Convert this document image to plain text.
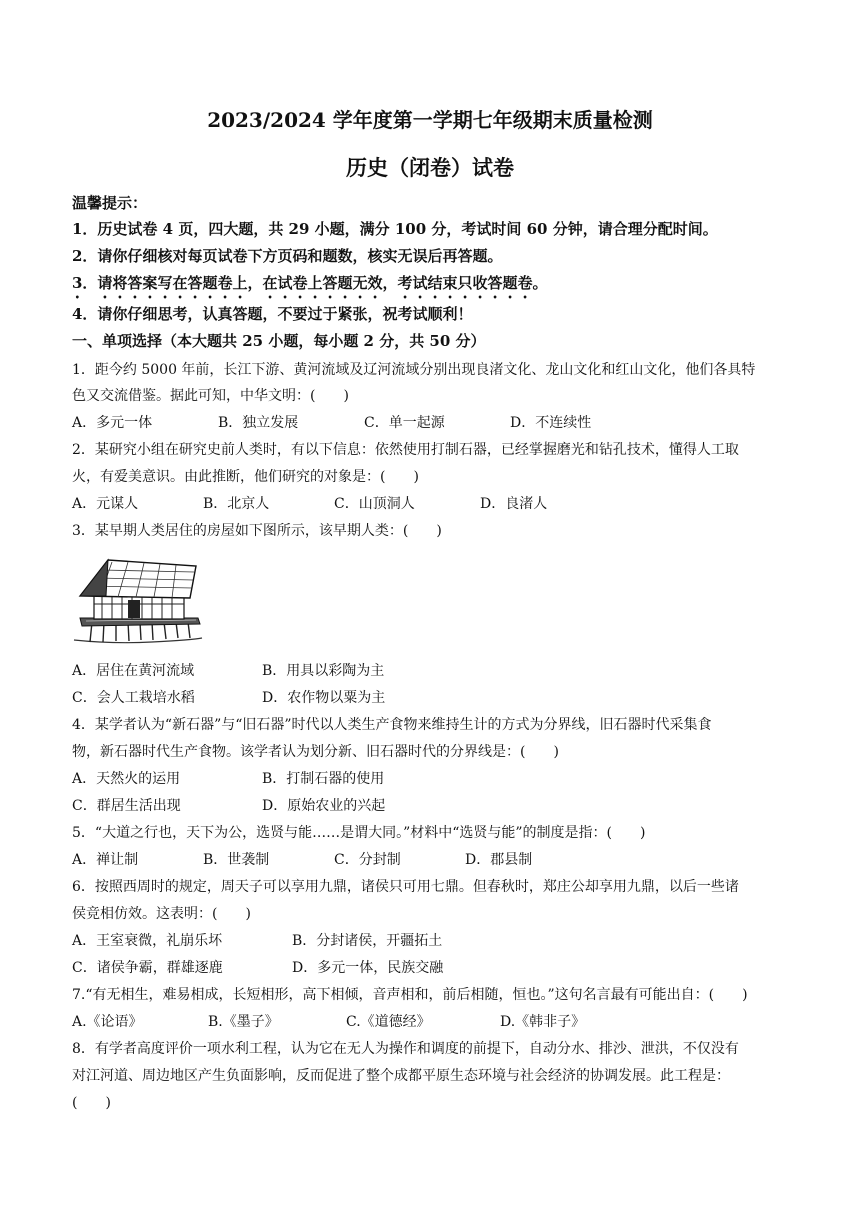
2023/2024 学年度第一学期七年级期末质量检测
历史（闭卷）试卷
温馨提示：
1．历史试卷 4 页，四大题，共 29 小题，满分 100 分，考试时间 60 分钟，请合理分配时间。
2．请你仔细核对每页试卷下方页码和题数，核实无误后再答题。
3．请将答案写在答题卷上，在试卷上答题无效，考试结束只收答题卷。
4．请你仔细思考，认真答题，不要过于紧张，祝考试顺利！
一、单项选择（本大题共 25 小题，每小题 2 分，共 50 分）
1．距今约 5000 年前，长江下游、黄河流域及辽河流域分别出现良渚文化、龙山文化和红山文化，他们各具特
色又交流借鉴。据此可知，中华文明：(　　)
A．多元一体	B．独立发展	C．单一起源	D．不连续性
2．某研究小组在研究史前人类时，有以下信息：依然使用打制石器，已经掌握磨光和钻孔技术，懂得人工取
火，有爱美意识。由此推断，他们研究的对象是：(　　)
A．元谋人	B．北京人	C．山顶洞人	D．良渚人
3．某早期人类居住的房屋如下图所示，该早期人类：(　　)
A．居住在黄河流域	B．用具以彩陶为主
C．会人工栽培水稻	D．农作物以粟为主
4．某学者认为“新石器”与“旧石器”时代以人类生产食物来维持生计的方式为分界线，旧石器时代采集食
物，新石器时代生产食物。该学者认为划分新、旧石器时代的分界线是：(　　)
A．天然火的运用	B．打制石器的使用
C．群居生活出现	D．原始农业的兴起
5．“大道之行也，天下为公，选贤与能……是谓大同。”材料中“选贤与能”的制度是指：(　　)
A．禅让制	B．世袭制	C．分封制	D．郡县制
6．按照西周时的规定，周天子可以享用九鼎，诸侯只可用七鼎。但春秋时，郑庄公却享用九鼎，以后一些诸
侯竞相仿效。这表明：(　　)
A．王室衰微，礼崩乐坏	B．分封诸侯，开疆拓土
C．诸侯争霸，群雄逐鹿	D．多元一体，民族交融
7.“有无相生，难易相成，长短相形，高下相倾，音声相和，前后相随，恒也。”这句名言最有可能出自：(　　)
A.《论语》	B.《墨子》	C.《道德经》	D.《韩非子》
8．有学者高度评价一项水利工程，认为它在无人为操作和调度的前提下，自动分水、排沙、泄洪，不仅没有
对江河道、周边地区产生负面影响，反而促进了整个成都平原生态环境与社会经济的协调发展。此工程是：
(　　)
